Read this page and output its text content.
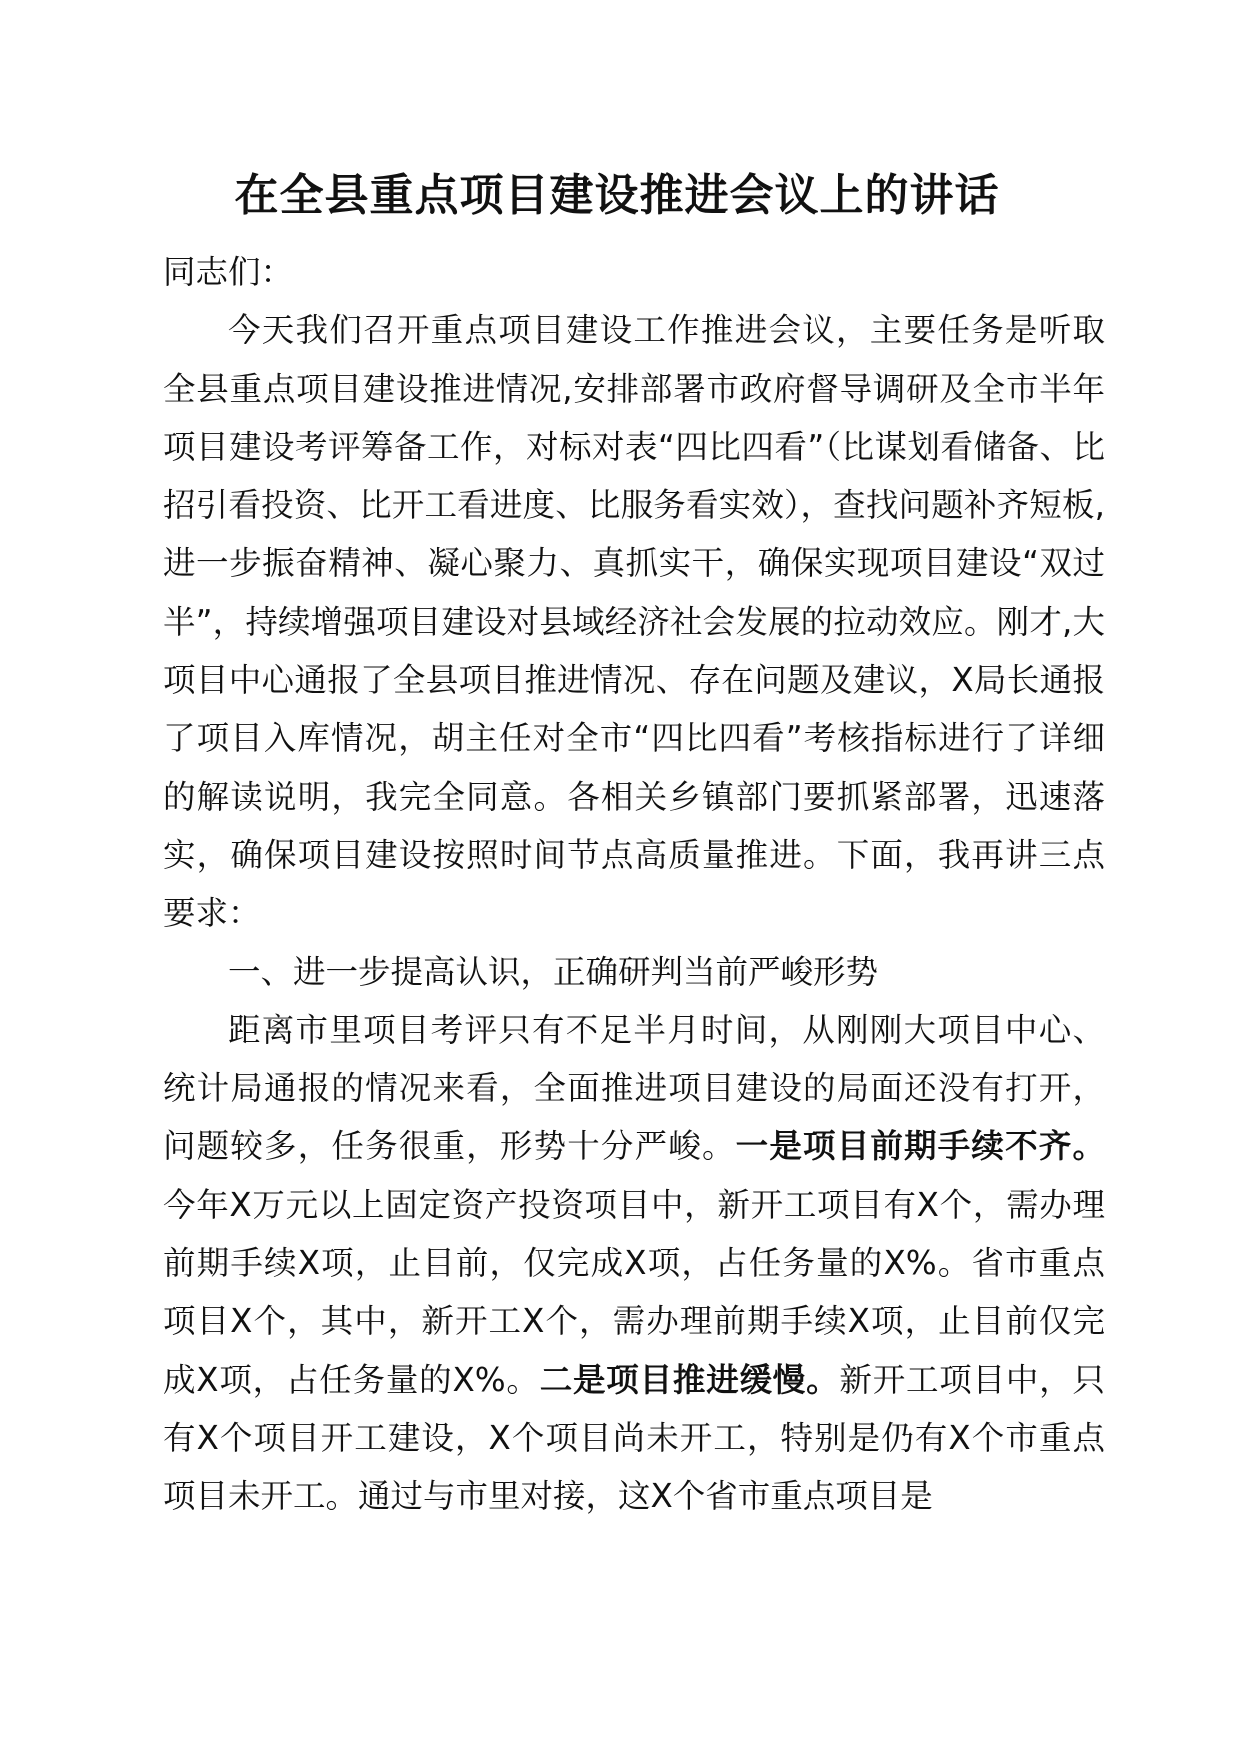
在全县重点项目建设推进会议上的讲话

同志们：

今天我们召开重点项目建设工作推进会议，主要任务是听取全县重点项目建设推进情况,安排部署市政府督导调研及全市半年项目建设考评筹备工作，对标对表“四比四看”（比谋划看储备、比招引看投资、比开工看进度、比服务看实效），查找问题补齐短板,进一步振奋精神、凝心聚力、真抓实干，确保实现项目建设“双过半”，持续增强项目建设对县域经济社会发展的拉动效应。刚才,大项目中心通报了全县项目推进情况、存在问题及建议，X局长通报了项目入库情况，胡主任对全市“四比四看”考核指标进行了详细的解读说明，我完全同意。各相关乡镇部门要抓紧部署，迅速落实，确保项目建设按照时间节点高质量推进。下面，我再讲三点要求：

一、进一步提高认识，正确研判当前严峻形势

距离市里项目考评只有不足半月时间，从刚刚大项目中心、统计局通报的情况来看，全面推进项目建设的局面还没有打开，问题较多，任务很重，形势十分严峻。一是项目前期手续不齐。今年X万元以上固定资产投资项目中，新开工项目有X个，需办理前期手续X项，止目前，仅完成X项，占任务量的X%。省市重点项目X个，其中，新开工X个，需办理前期手续X项，止目前仅完成X项，占任务量的X%。二是项目推进缓慢。新开工项目中，只有X个项目开工建设，X个项目尚未开工，特别是仍有X个市重点项目未开工。通过与市里对接，这X个省市重点项目是
